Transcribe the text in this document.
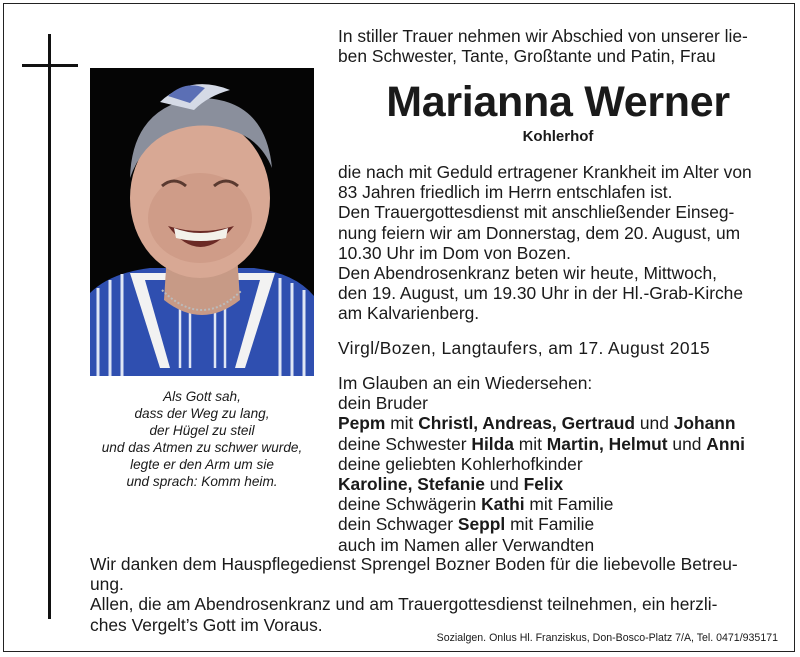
Als Gott sah,
dass der Weg zu lang,
der Hügel zu steil
und das Atmen zu schwer wurde,
legte er den Arm um sie
und sprach: Komm heim.
In stiller Trauer nehmen wir Abschied von unserer lie-
ben Schwester, Tante, Großtante und Patin, Frau
Marianna Werner
Kohlerhof
die nach mit Geduld ertragener Krankheit im Alter von
83 Jahren friedlich im Herrn entschlafen ist.
Den Trauergottesdienst mit anschließender Einseg-
nung feiern wir am Donnerstag, dem 20. August, um
10.30 Uhr im Dom von Bozen.
Den Abendrosenkranz beten wir heute, Mittwoch,
den 19. August, um 19.30 Uhr in der Hl.-Grab-Kirche
am Kalvarienberg.
Virgl/Bozen, Langtaufers, am 17. August 2015
Im Glauben an ein Wiedersehen:
dein Bruder
Pepm mit Christl, Andreas, Gertraud und Johann
deine Schwester Hilda mit Martin, Helmut und Anni
deine geliebten Kohlerhofkinder
Karoline, Stefanie und Felix
deine Schwägerin Kathi mit Familie
dein Schwager Seppl mit Familie
auch im Namen aller Verwandten
Wir danken dem Hauspflegedienst Sprengel Bozner Boden für die liebevolle Betreu-
ung.
Allen, die am Abendrosenkranz und am Trauergottesdienst teilnehmen, ein herzli-
ches Vergelt’s Gott im Voraus.
Sozialgen. Onlus Hl. Franziskus, Don-Bosco-Platz 7/A, Tel. 0471/935171
